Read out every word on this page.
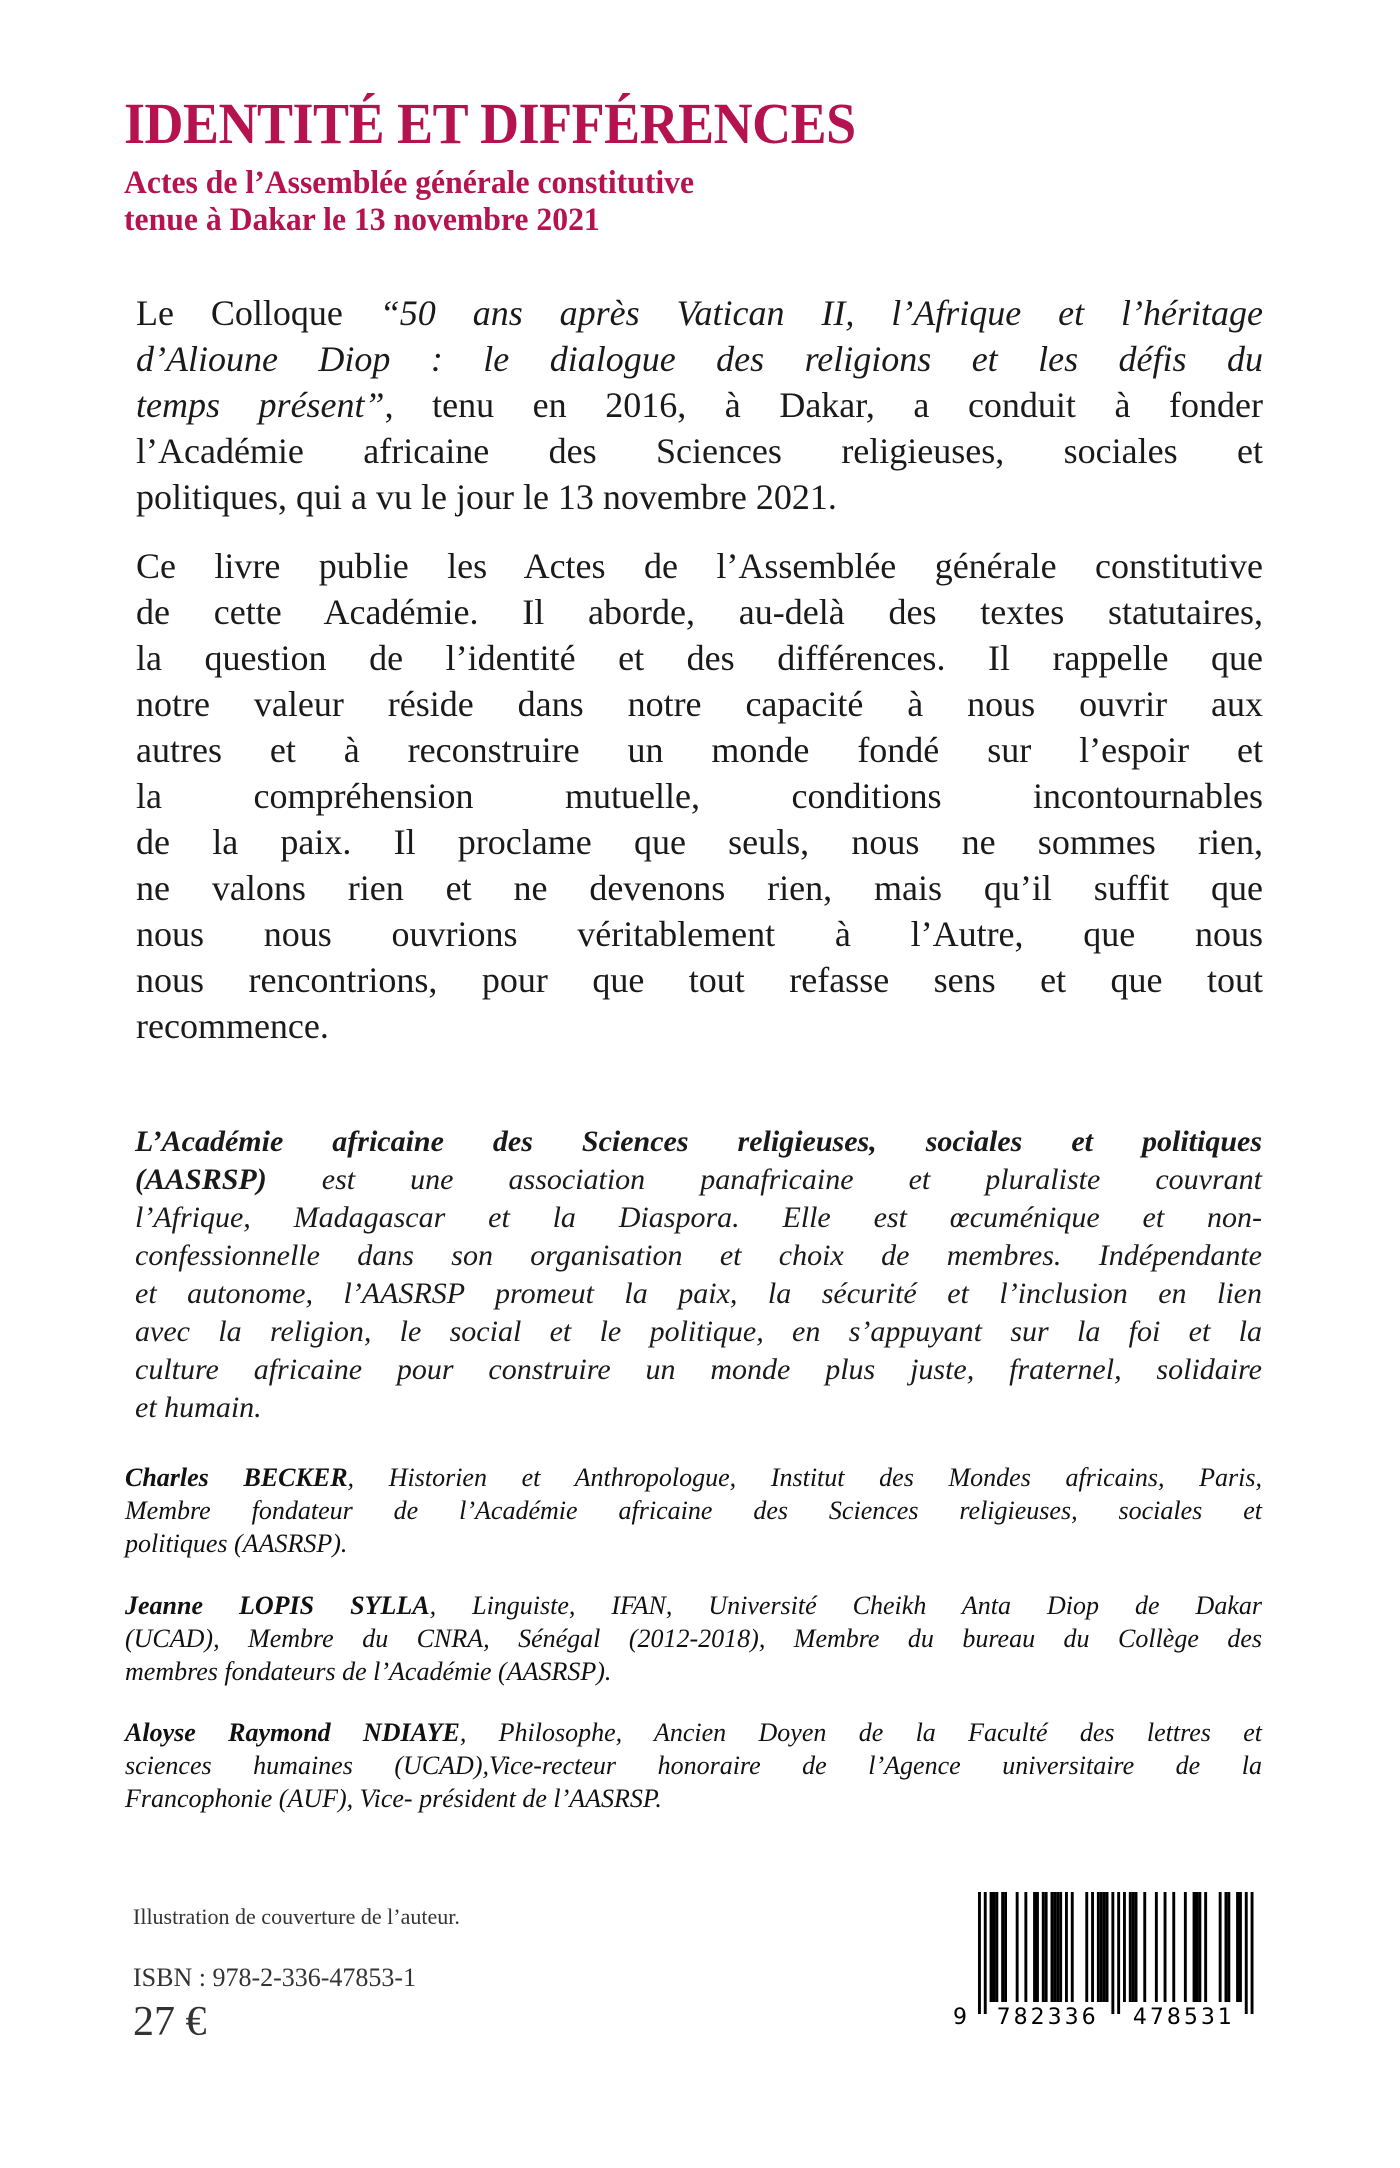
IDENTITÉ ET DIFFÉRENCES
Actes de l’Assemblée générale constitutive
tenue à Dakar le 13 novembre 2021
Le Colloque “50 ans après Vatican II, l’Afrique et l’héritage
d’Alioune Diop : le dialogue des religions et les défis du
temps présent”, tenu en 2016, à Dakar, a conduit à fonder
l’Académie africaine des Sciences religieuses, sociales et
politiques, qui a vu le jour le 13 novembre 2021.
Ce livre publie les Actes de l’Assemblée générale constitutive
de cette Académie. Il aborde, au-delà des textes statutaires,
la question de l’identité et des différences. Il rappelle que
notre valeur réside dans notre capacité à nous ouvrir aux
autres et à reconstruire un monde fondé sur l’espoir et
la compréhension mutuelle, conditions incontournables
de la paix. Il proclame que seuls, nous ne sommes rien,
ne valons rien et ne devenons rien, mais qu’il suffit que
nous nous ouvrions véritablement à l’Autre, que nous
nous rencontrions, pour que tout refasse sens et que tout
recommence.
L’Académie africaine des Sciences religieuses, sociales et politiques
(AASRSP) est une association panafricaine et pluraliste couvrant
l’Afrique, Madagascar et la Diaspora. Elle est œcuménique et non-
confessionnelle dans son organisation et choix de membres. Indépendante
et autonome, l’AASRSP promeut la paix, la sécurité et l’inclusion en lien
avec la religion, le social et le politique, en s’appuyant sur la foi et la
culture africaine pour construire un monde plus juste, fraternel, solidaire
et humain.
Charles BECKER, Historien et Anthropologue, Institut des Mondes africains, Paris,
Membre fondateur de l’Académie africaine des Sciences religieuses, sociales et
politiques (AASRSP).
Jeanne LOPIS SYLLA, Linguiste, IFAN, Université Cheikh Anta Diop de Dakar
(UCAD), Membre du CNRA, Sénégal (2012-2018), Membre du bureau du Collège des
membres fondateurs de l’Académie (AASRSP).
Aloyse Raymond NDIAYE, Philosophe, Ancien Doyen de la Faculté des lettres et
sciences humaines (UCAD),Vice-recteur honoraire de l’Agence universitaire de la
Francophonie (AUF), Vice- président de l’AASRSP.
Illustration de couverture de l’auteur.
ISBN : 978-2-336-47853-1
27 €	9 782336 478531
